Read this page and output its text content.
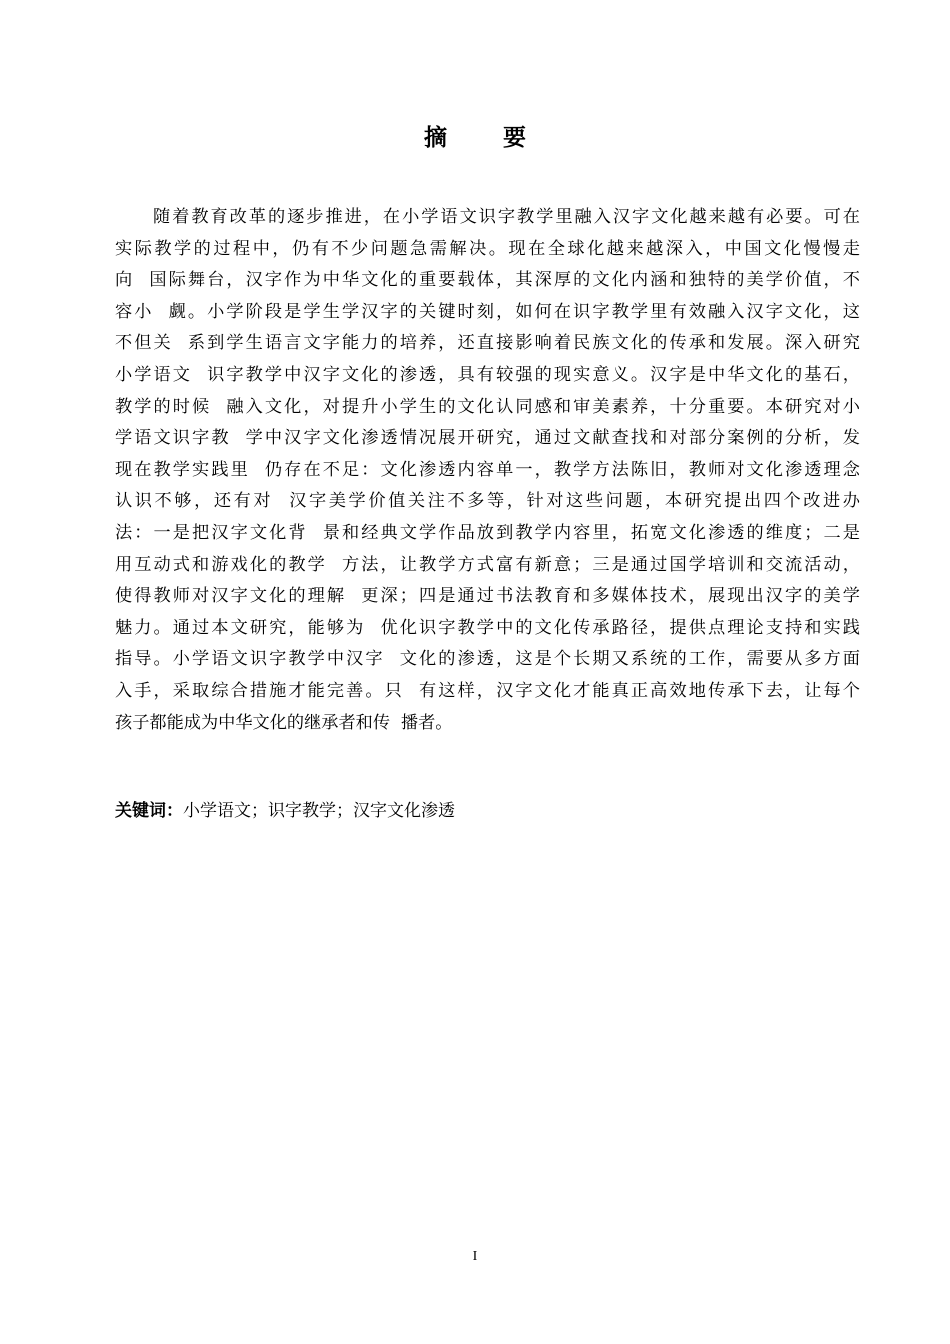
摘 要
随着教育改革的逐步推进，在小学语文识字教学里融入汉字文化越来越有必要。可在
实际教学的过程中，仍有不少问题急需解决。现在全球化越来越深入，中国文化慢慢走
向  国际舞台，汉字作为中华文化的重要载体，其深厚的文化内涵和独特的美学价值，不
容小  觑。小学阶段是学生学汉字的关键时刻，如何在识字教学里有效融入汉字文化，这
不但关  系到学生语言文字能力的培养，还直接影响着民族文化的传承和发展。深入研究
小学语文  识字教学中汉字文化的渗透，具有较强的现实意义。汉字是中华文化的基石，
教学的时候  融入文化，对提升小学生的文化认同感和审美素养，十分重要。本研究对小
学语文识字教  学中汉字文化渗透情况展开研究，通过文献查找和对部分案例的分析，发
现在教学实践里  仍存在不足：文化渗透内容单一，教学方法陈旧，教师对文化渗透理念
认识不够，还有对  汉字美学价值关注不多等，针对这些问题，本研究提出四个改进办
法：一是把汉字文化背  景和经典文学作品放到教学内容里，拓宽文化渗透的维度；二是
用互动式和游戏化的教学  方法，让教学方式富有新意；三是通过国学培训和交流活动，
使得教师对汉字文化的理解  更深；四是通过书法教育和多媒体技术，展现出汉字的美学
魅力。通过本文研究，能够为  优化识字教学中的文化传承路径，提供点理论支持和实践
指导。小学语文识字教学中汉字  文化的渗透，这是个长期又系统的工作，需要从多方面
入手，采取综合措施才能完善。只  有这样，汉字文化才能真正高效地传承下去，让每个
孩子都能成为中华文化的继承者和传  播者。
关键词：小学语文；识字教学；汉字文化渗透
I
